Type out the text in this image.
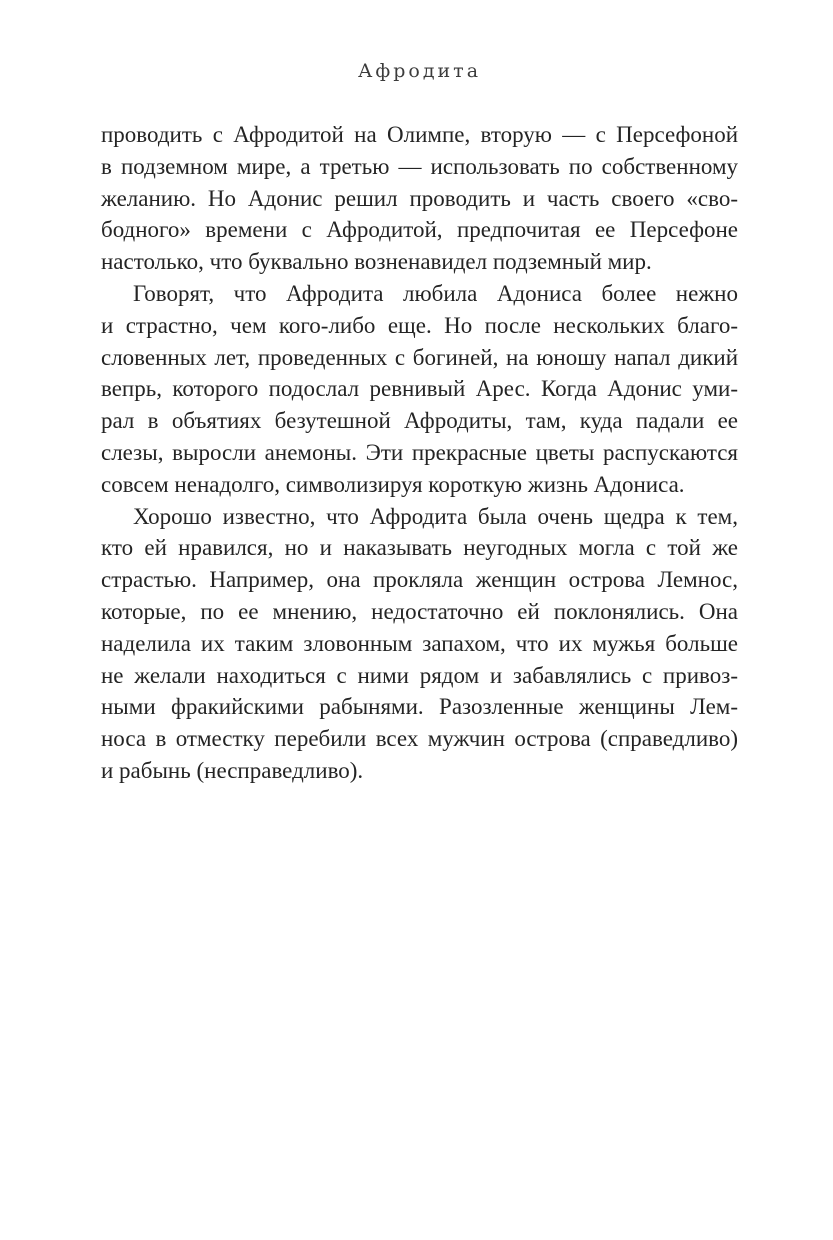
Афродита
проводить с Афродитой на Олимпе, вторую — с Персефоной
в подземном мире, а третью — использовать по собственному
желанию. Но Адонис решил проводить и часть своего «сво-
бодного» времени с Афродитой, предпочитая ее Персефоне
настолько, что буквально возненавидел подземный мир.
Говорят, что Афродита любила Адониса более нежно
и страстно, чем кого-либо еще. Но после нескольких благо-
словенных лет, проведенных с богиней, на юношу напал дикий
вепрь, которого подослал ревнивый Арес. Когда Адонис уми-
рал в объятиях безутешной Афродиты, там, куда падали ее
слезы, выросли анемоны. Эти прекрасные цветы распускаются
совсем ненадолго, символизируя короткую жизнь Адониса.
Хорошо известно, что Афродита была очень щедра к тем,
кто ей нравился, но и наказывать неугодных могла с той же
страстью. Например, она прокляла женщин острова Лемнос,
которые, по ее мнению, недостаточно ей поклонялись. Она
наделила их таким зловонным запахом, что их мужья больше
не желали находиться с ними рядом и забавлялись с привоз-
ными фракийскими рабынями. Разозленные женщины Лем-
носа в отместку перебили всех мужчин острова (справедливо)
и рабынь (несправедливо).
